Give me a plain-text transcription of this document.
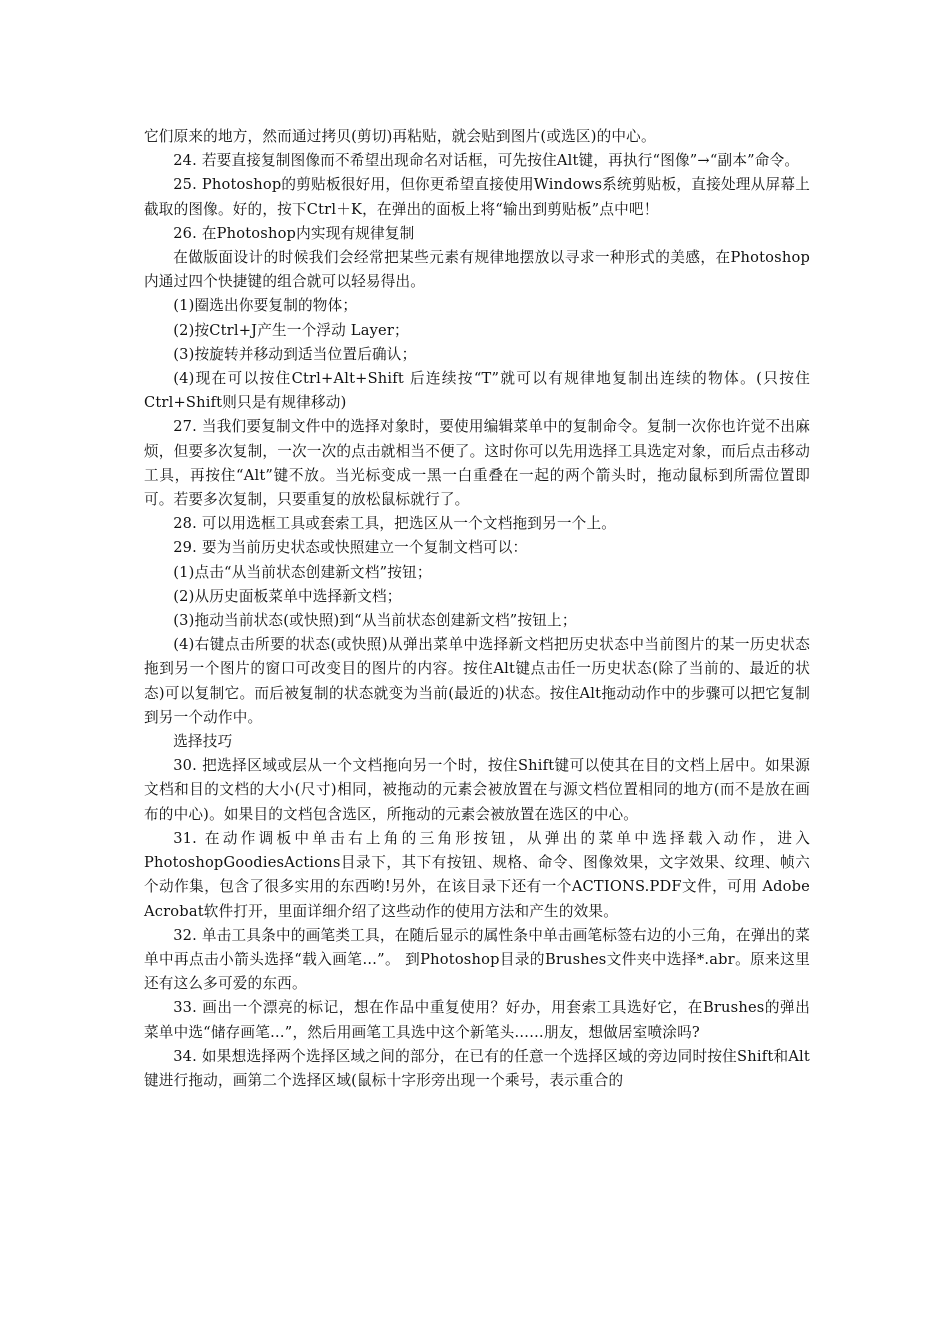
它们原来的地方，然而通过拷贝(剪切)再粘贴，就会贴到图片(或选区)的中心。

24. 若要直接复制图像而不希望出现命名对话框，可先按住Alt键，再执行“图像”→“副本”命令。

25. Photoshop的剪贴板很好用，但你更希望直接使用Windows系统剪贴板，直接处理从屏幕上截取的图像。好的，按下Ctrl＋K，在弹出的面板上将“输出到剪贴板”点中吧！

26. 在Photoshop内实现有规律复制

在做版面设计的时候我们会经常把某些元素有规律地摆放以寻求一种形式的美感，在Photoshop内通过四个快捷键的组合就可以轻易得出。

(1)圈选出你要复制的物体；

(2)按Ctrl+J产生一个浮动 Layer；

(3)按旋转并移动到适当位置后确认；

(4)现在可以按住Ctrl+Alt+Shift 后连续按“T”就可以有规律地复制出连续的物体。(只按住Ctrl+Shift则只是有规律移动)

27. 当我们要复制文件中的选择对象时，要使用编辑菜单中的复制命令。复制一次你也许觉不出麻烦，但要多次复制，一次一次的点击就相当不便了。这时你可以先用选择工具选定对象，而后点击移动工具，再按住“Alt”键不放。当光标变成一黑一白重叠在一起的两个箭头时，拖动鼠标到所需位置即可。若要多次复制，只要重复的放松鼠标就行了。

28. 可以用选框工具或套索工具，把选区从一个文档拖到另一个上。

29. 要为当前历史状态或快照建立一个复制文档可以：

(1)点击“从当前状态创建新文档”按钮；

(2)从历史面板菜单中选择新文档；

(3)拖动当前状态(或快照)到“从当前状态创建新文档”按钮上；

(4)右键点击所要的状态(或快照)从弹出菜单中选择新文档把历史状态中当前图片的某一历史状态拖到另一个图片的窗口可改变目的图片的内容。按住Alt键点击任一历史状态(除了当前的、最近的状态)可以复制它。而后被复制的状态就变为当前(最近的)状态。按住Alt拖动动作中的步骤可以把它复制到另一个动作中。

选择技巧

30. 把选择区域或层从一个文档拖向另一个时，按住Shift键可以使其在目的文档上居中。如果源文档和目的文档的大小(尺寸)相同，被拖动的元素会被放置在与源文档位置相同的地方(而不是放在画布的中心)。如果目的文档包含选区，所拖动的元素会被放置在选区的中心。

31. 在动作调板中单击右上角的三角形按钮，从弹出的菜单中选择载入动作，进入PhotoshopGoodiesActions目录下，其下有按钮、规格、命令、图像效果，文字效果、纹理、帧六个动作集，包含了很多实用的东西哟!另外，在该目录下还有一个ACTIONS.PDF文件，可用 Adobe Acrobat软件打开，里面详细介绍了这些动作的使用方法和产生的效果。

32. 单击工具条中的画笔类工具，在随后显示的属性条中单击画笔标签右边的小三角，在弹出的菜单中再点击小箭头选择“载入画笔…”。 到Photoshop目录的Brushes文件夹中选择*.abr。原来这里还有这么多可爱的东西。

33. 画出一个漂亮的标记，想在作品中重复使用？好办，用套索工具选好它，在Brushes的弹出菜单中选“储存画笔…”，然后用画笔工具选中这个新笔头……朋友，想做居室喷涂吗?

34. 如果想选择两个选择区域之间的部分，在已有的任意一个选择区域的旁边同时按住Shift和Alt键进行拖动，画第二个选择区域(鼠标十字形旁出现一个乘号，表示重合的
